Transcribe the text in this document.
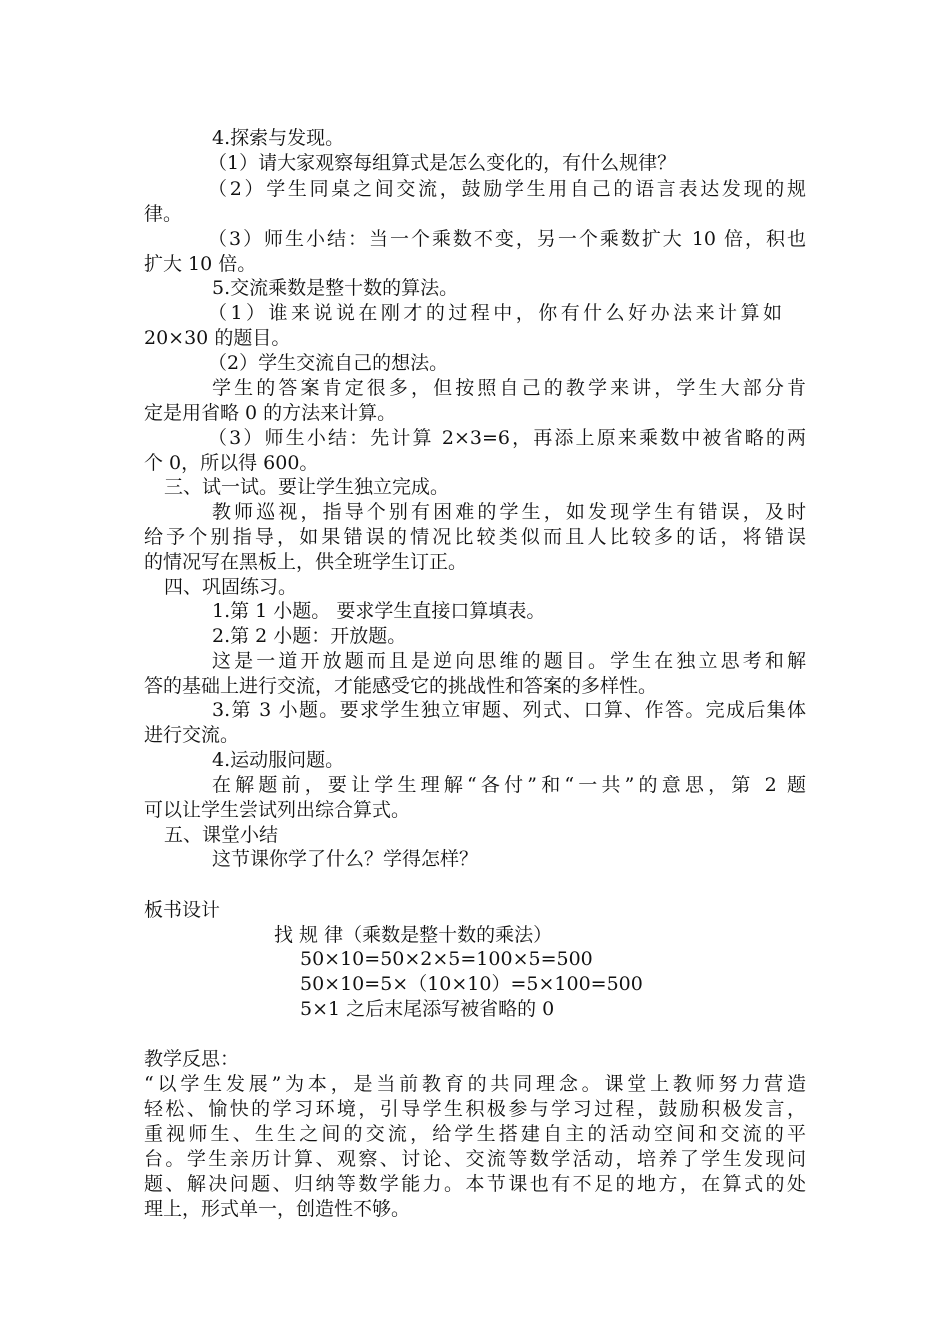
4.探索与发现。

（1）请大家观察每组算式是怎么变化的，有什么规律？

（2）学生同桌之间交流，鼓励学生用自己的语言表达发现的规

律。

（3）师生小结：当一个乘数不变，另一个乘数扩大 10 倍，积也

扩大 10 倍。

5.交流乘数是整十数的算法。

（1）谁来说说在刚才的过程中，你有什么好办法来计算如

20×30 的题目。

（2）学生交流自己的想法。

学生的答案肯定很多，但按照自己的教学来讲，学生大部分肯

定是用省略 0 的方法来计算。

（3）师生小结：先计算 2×3=6，再添上原来乘数中被省略的两

个 0，所以得 600。

三、试一试。要让学生独立完成。

教师巡视，指导个别有困难的学生，如发现学生有错误，及时

给予个别指导，如果错误的情况比较类似而且人比较多的话，将错误

的情况写在黑板上，供全班学生订正。

四、巩固练习。

1.第 1 小题。 要求学生直接口算填表。

2.第 2 小题：开放题。

这是一道开放题而且是逆向思维的题目。学生在独立思考和解

答的基础上进行交流，才能感受它的挑战性和答案的多样性。

3.第 3 小题。要求学生独立审题、列式、口算、作答。完成后集体

进行交流。

4.运动服问题。

在解题前，要让学生理解“各付”和“一共”的意思，第 2 题

可以让学生尝试列出综合算式。

五、课堂小结

这节课你学了什么？学得怎样？

板书设计

找 规 律（乘数是整十数的乘法）

50×10=50×2×5=100×5=500

50×10=5×（10×10）=5×100=500

5×1 之后末尾添写被省略的 0

教学反思：

“以学生发展”为本，是当前教育的共同理念。课堂上教师努力营造

轻松、愉快的学习环境，引导学生积极参与学习过程，鼓励积极发言，

重视师生、生生之间的交流，给学生搭建自主的活动空间和交流的平

台。学生亲历计算、观察、讨论、交流等数学活动，培养了学生发现问

题、解决问题、归纳等数学能力。本节课也有不足的地方，在算式的处

理上，形式单一，创造性不够。
